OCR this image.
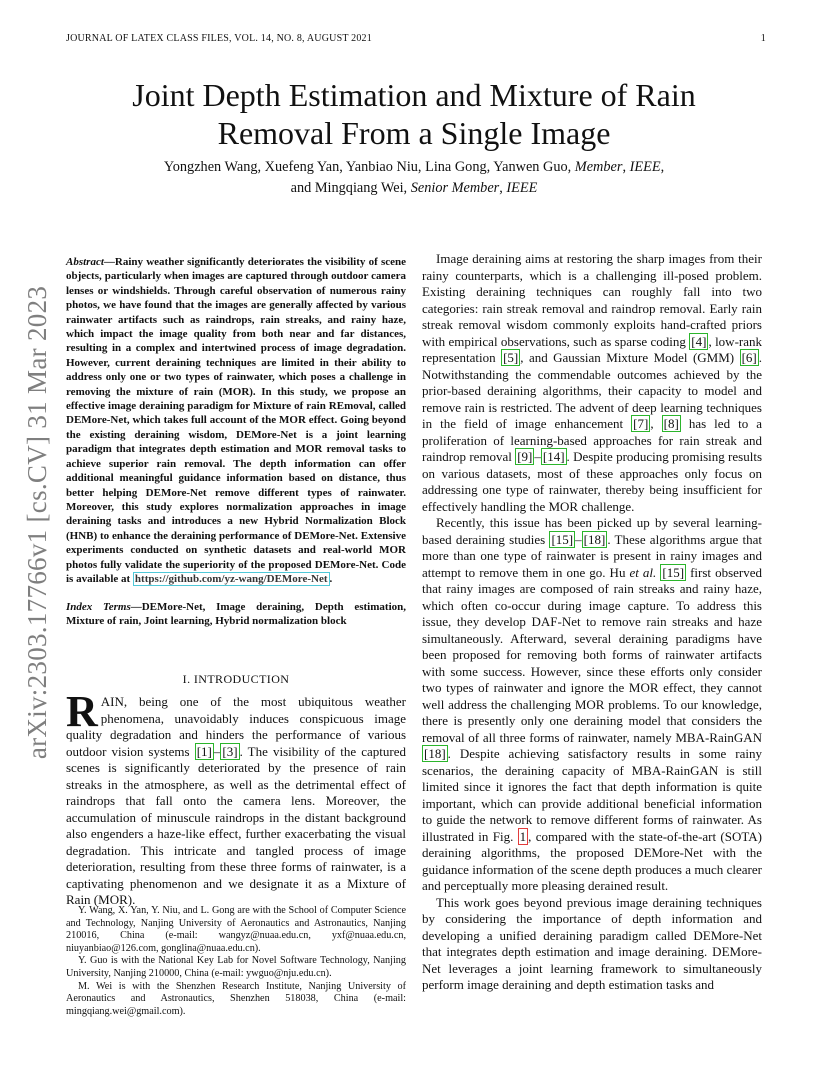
JOURNAL OF LATEX CLASS FILES, VOL. 14, NO. 8, AUGUST 2021	1
arXiv:2303.17766v1 [cs.CV] 31 Mar 2023
Joint Depth Estimation and Mixture of Rain
Removal From a Single Image
Yongzhen Wang, Xuefeng Yan, Yanbiao Niu, Lina Gong, Yanwen Guo, Member, IEEE,
and Mingqiang Wei, Senior Member, IEEE
Abstract—Rainy weather significantly deteriorates the visibility of scene objects, particularly when images are captured through outdoor camera lenses or windshields. Through careful observation of numerous rainy photos, we have found that the images are generally affected by various rainwater artifacts such as raindrops, rain streaks, and rainy haze, which impact the image quality from both near and far distances, resulting in a complex and intertwined process of image degradation. However, current deraining techniques are limited in their ability to address only one or two types of rainwater, which poses a challenge in removing the mixture of rain (MOR). In this study, we propose an effective image deraining paradigm for Mixture of rain REmoval, called DEMore-Net, which takes full account of the MOR effect. Going beyond the existing deraining wisdom, DEMore-Net is a joint learning paradigm that integrates depth estimation and MOR removal tasks to achieve superior rain removal. The depth information can offer additional meaningful guidance information based on distance, thus better helping DEMore-Net remove different types of rainwater. Moreover, this study explores normalization approaches in image deraining tasks and introduces a new Hybrid Normalization Block (HNB) to enhance the deraining performance of DEMore-Net. Extensive experiments conducted on synthetic datasets and real-world MOR photos fully validate the superiority of the proposed DEMore-Net. Code is available at https://github.com/yz-wang/DEMore-Net .
Index Terms—DEMore-Net, Image deraining, Depth estimation, Mixture of rain, Joint learning, Hybrid normalization block
I. INTRODUCTION
RAIN, being one of the most ubiquitous weather phenomena, unavoidably induces conspicuous image quality degradation and hinders the performance of various outdoor vision systems [1] – [3] . The visibility of the captured scenes is significantly deteriorated by the presence of rain streaks in the atmosphere, as well as the detrimental effect of raindrops that fall onto the camera lens. Moreover, the accumulation of minuscule raindrops in the distant background also engenders a haze-like effect, further exacerbating the visual degradation. This intricate and tangled process of image deterioration, resulting from these three forms of rainwater, is a captivating phenomenon and we designate it as a Mixture of Rain (MOR).

Y. Wang, X. Yan, Y. Niu, and L. Gong are with the School of Computer Science and Technology, Nanjing University of Aeronautics and Astronautics, Nanjing 210016, China (e-mail: wangyz@nuaa.edu.cn, yxf@nuaa.edu.cn, niuyanbiao@126.com, gonglina@nuaa.edu.cn).

Y. Guo is with the National Key Lab for Novel Software Technology, Nanjing University, Nanjing 210000, China (e-mail: ywguo@nju.edu.cn).

M. Wei is with the Shenzhen Research Institute, Nanjing University of Aeronautics and Astronautics, Shenzhen 518038, China (e-mail: mingqiang.wei@gmail.com).

Image deraining aims at restoring the sharp images from their rainy counterparts, which is a challenging ill-posed problem. Existing deraining techniques can roughly fall into two categories: rain streak removal and raindrop removal. Early rain streak removal wisdom commonly exploits hand-crafted priors with empirical observations, such as sparse coding [4] , low-rank representation [5] , and Gaussian Mixture Model (GMM) [6] . Notwithstanding the commendable outcomes achieved by the prior-based deraining algorithms, their capacity to model and remove rain is restricted. The advent of deep learning techniques in the field of image enhancement [7] , [8] has led to a proliferation of learning-based approaches for rain streak and raindrop removal [9] – [14] . Despite producing promising results on various datasets, most of these approaches only focus on addressing one type of rainwater, thereby being insufficient for effectively handling the MOR challenge.

Recently, this issue has been picked up by several learning-based deraining studies [15] – [18] . These algorithms argue that more than one type of rainwater is present in rainy images and attempt to remove them in one go. Hu et al. [15] first observed that rainy images are composed of rain streaks and rainy haze, which often co-occur during image capture. To address this issue, they develop DAF-Net to remove rain streaks and haze simultaneously. Afterward, several deraining paradigms have been proposed for removing both forms of rainwater artifacts with some success. However, since these efforts only consider two types of rainwater and ignore the MOR effect, they cannot well address the challenging MOR problems. To our knowledge, there is presently only one deraining model that considers the removal of all three forms of rainwater, namely MBA-RainGAN [18] . Despite achieving satisfactory results in some rainy scenarios, the deraining capacity of MBA-RainGAN is still limited since it ignores the fact that depth information is quite important, which can provide additional beneficial information to guide the network to remove different forms of rainwater. As illustrated in Fig. 1 , compared with the state-of-the-art (SOTA) deraining algorithms, the proposed DEMore-Net with the guidance information of the scene depth produces a much clearer and perceptually more pleasing derained result.

This work goes beyond previous image deraining techniques by considering the importance of depth information and developing a unified deraining paradigm called DEMore-Net that integrates depth estimation and image deraining. DEMore-Net leverages a joint learning framework to simultaneously perform image deraining and depth estimation tasks and
